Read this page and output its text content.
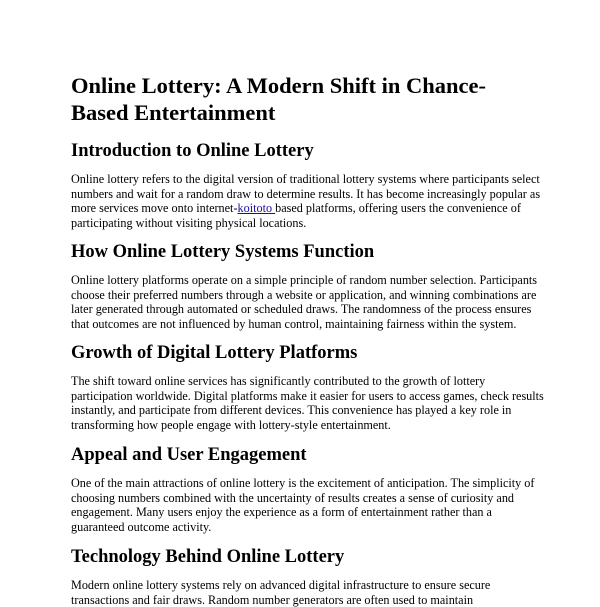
Online Lottery: A Modern Shift in Chance-
Based Entertainment
Introduction to Online Lottery
Online lottery refers to the digital version of traditional lottery systems where participants select
numbers and wait for a random draw to determine results. It has become increasingly popular as
more services move onto internet-koitoto based platforms, offering users the convenience of
participating without visiting physical locations.
How Online Lottery Systems Function
Online lottery platforms operate on a simple principle of random number selection. Participants
choose their preferred numbers through a website or application, and winning combinations are
later generated through automated or scheduled draws. The randomness of the process ensures
that outcomes are not influenced by human control, maintaining fairness within the system.
Growth of Digital Lottery Platforms
The shift toward online services has significantly contributed to the growth of lottery
participation worldwide. Digital platforms make it easier for users to access games, check results
instantly, and participate from different devices. This convenience has played a key role in
transforming how people engage with lottery-style entertainment.
Appeal and User Engagement
One of the main attractions of online lottery is the excitement of anticipation. The simplicity of
choosing numbers combined with the uncertainty of results creates a sense of curiosity and
engagement. Many users enjoy the experience as a form of entertainment rather than a
guaranteed outcome activity.
Technology Behind Online Lottery
Modern online lottery systems rely on advanced digital infrastructure to ensure secure
transactions and fair draws. Random number generators are often used to maintain
